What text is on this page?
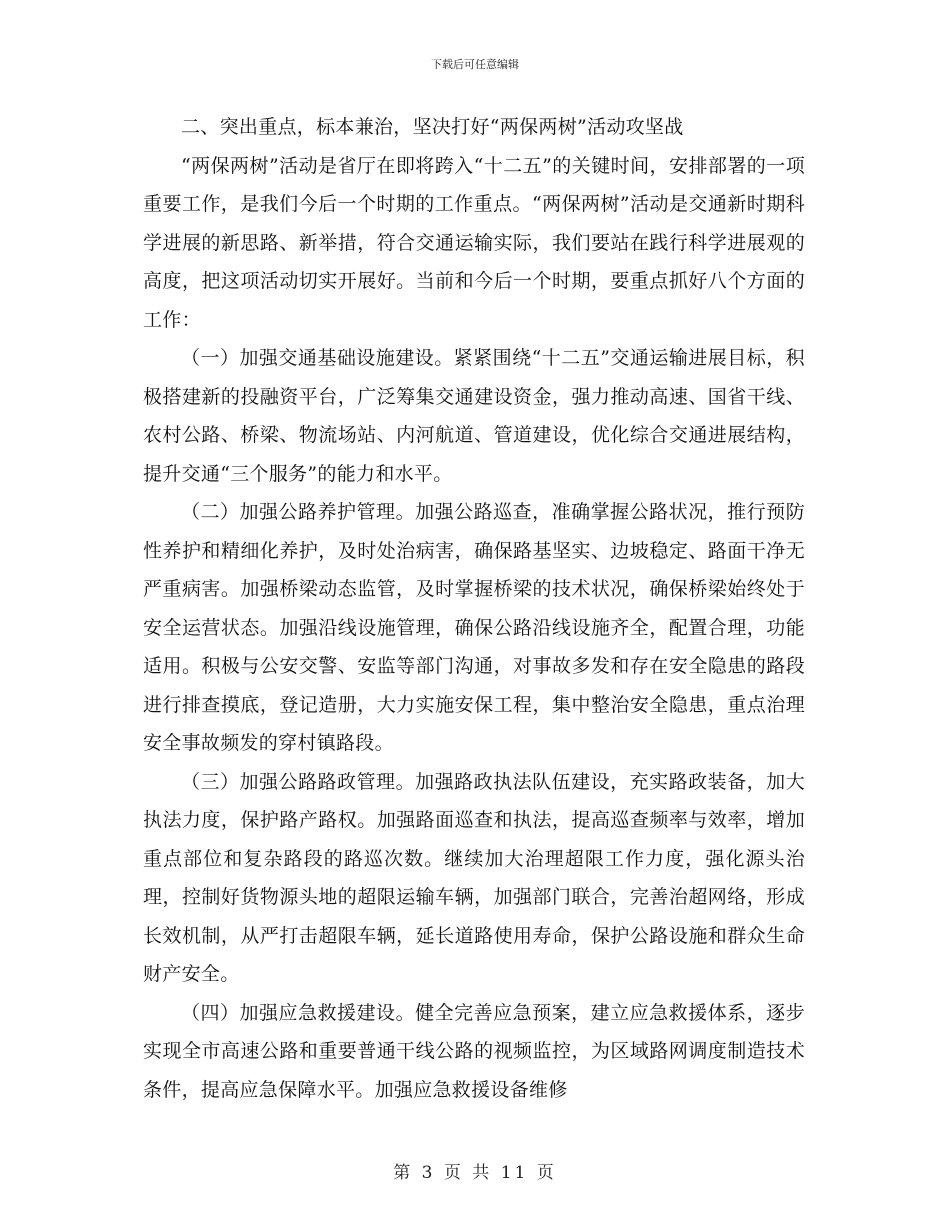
下载后可任意编辑

二、突出重点，标本兼治，坚决打好“两保两树”活动攻坚战

“两保两树”活动是省厅在即将跨入“十二五”的关键时间，安排部署的一项重要工作，是我们今后一个时期的工作重点。“两保两树”活动是交通新时期科学进展的新思路、新举措，符合交通运输实际，我们要站在践行科学进展观的高度，把这项活动切实开展好。当前和今后一个时期，要重点抓好八个方面的工作：

（一）加强交通基础设施建设。紧紧围绕“十二五”交通运输进展目标，积极搭建新的投融资平台，广泛筹集交通建设资金，强力推动高速、国省干线、农村公路、桥梁、物流场站、内河航道、管道建设，优化综合交通进展结构，提升交通“三个服务”的能力和水平。

（二）加强公路养护管理。加强公路巡查，准确掌握公路状况，推行预防性养护和精细化养护，及时处治病害，确保路基坚实、边坡稳定、路面干净无严重病害。加强桥梁动态监管，及时掌握桥梁的技术状况，确保桥梁始终处于安全运营状态。加强沿线设施管理，确保公路沿线设施齐全，配置合理，功能适用。积极与公安交警、安监等部门沟通，对事故多发和存在安全隐患的路段进行排查摸底，登记造册，大力实施安保工程，集中整治安全隐患，重点治理安全事故频发的穿村镇路段。

（三）加强公路路政管理。加强路政执法队伍建设，充实路政装备，加大执法力度，保护路产路权。加强路面巡查和执法，提高巡查频率与效率，增加重点部位和复杂路段的路巡次数。继续加大治理超限工作力度，强化源头治理，控制好货物源头地的超限运输车辆，加强部门联合，完善治超网络，形成长效机制，从严打击超限车辆，延长道路使用寿命，保护公路设施和群众生命财产安全。

（四）加强应急救援建设。健全完善应急预案，建立应急救援体系，逐步实现全市高速公路和重要普通干线公路的视频监控，为区域路网调度制造技术条件，提高应急保障水平。加强应急救援设备维修

第 3 页 共 11 页
